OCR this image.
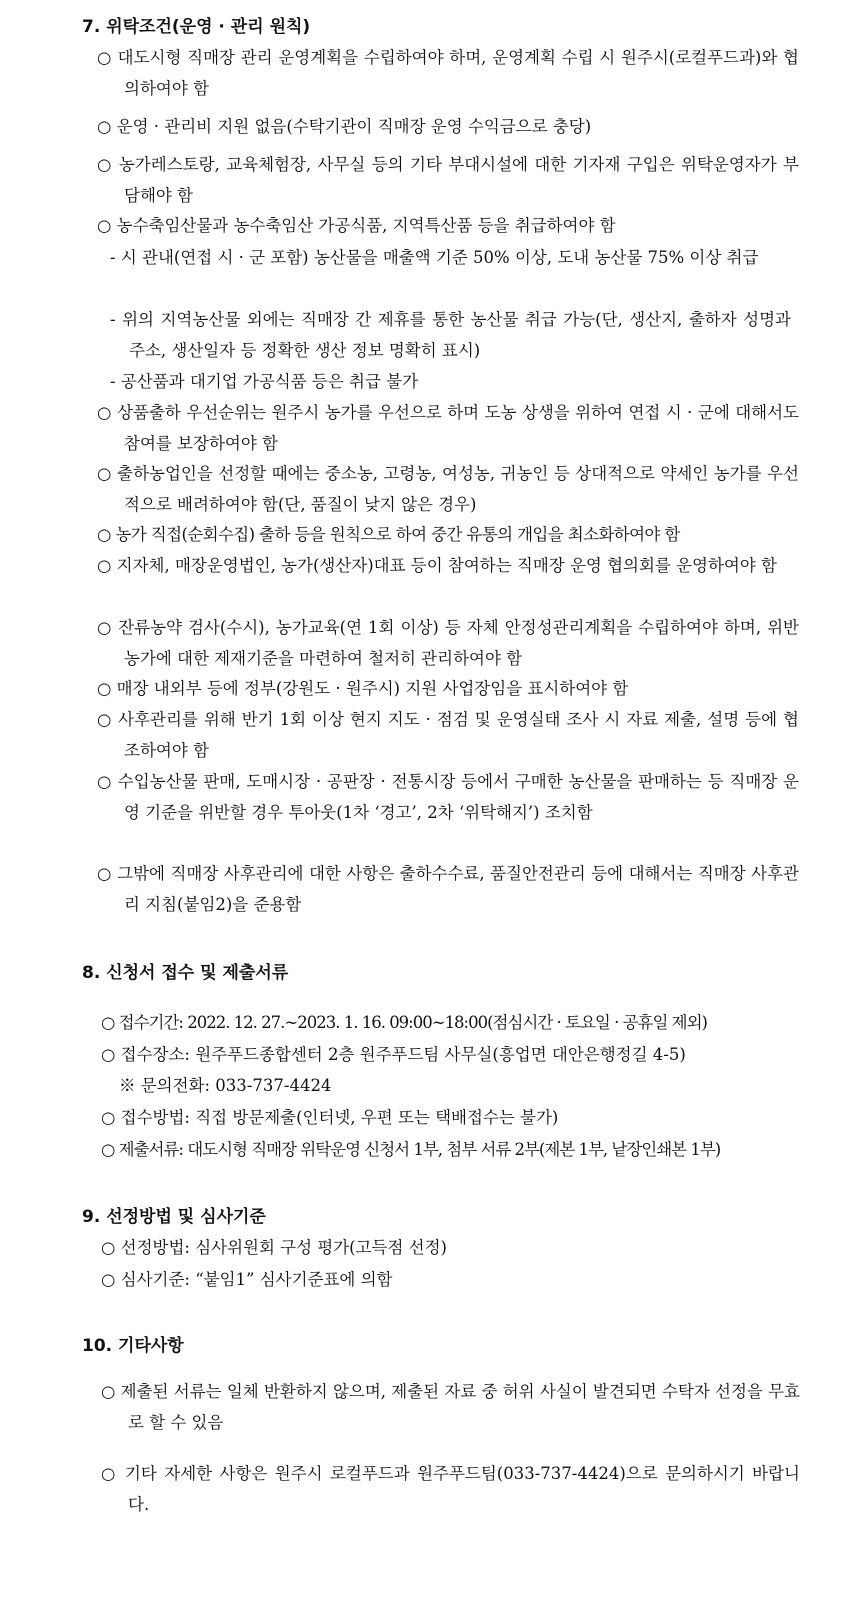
7. 위탁조건(운영 · 관리 원칙)
○ 대도시형 직매장 관리 운영계획을 수립하여야 하며, 운영계획 수립 시 원주시(로컬푸드과)와 협의하여야 함
○ 운영 · 관리비 지원 없음(수탁기관이 직매장 운영 수익금으로 충당)
○ 농가레스토랑, 교육체험장, 사무실 등의 기타 부대시설에 대한 기자재 구입은 위탁운영자가 부담해야 함
○ 농수축임산물과 농수축임산 가공식품, 지역특산품 등을 취급하여야 함
- 시 관내(연접 시 · 군 포함) 농산물을 매출액 기준 50% 이상, 도내 농산물 75% 이상 취급
- 위의 지역농산물 외에는 직매장 간 제휴를 통한 농산물 취급 가능(단, 생산지, 출하자 성명과 주소, 생산일자 등 정확한 생산 정보 명확히 표시)
- 공산품과 대기업 가공식품 등은 취급 불가
○ 상품출하 우선순위는 원주시 농가를 우선으로 하며 도농 상생을 위하여 연접 시 · 군에 대해서도 참여를 보장하여야 함
○ 출하농업인을 선정할 때에는 중소농, 고령농, 여성농, 귀농인 등 상대적으로 약세인 농가를 우선적으로 배려하여야 함(단, 품질이 낮지 않은 경우)
○ 농가 직접(순회수집) 출하 등을 원칙으로 하여 중간 유통의 개입을 최소화하여야 함
○ 지자체, 매장운영법인, 농가(생산자)대표 등이 참여하는 직매장 운영 협의회를 운영하여야 함
○ 잔류농약 검사(수시), 농가교육(연 1회 이상) 등 자체 안정성관리계획을 수립하여야 하며, 위반농가에 대한 제재기준을 마련하여 철저히 관리하여야 함
○ 매장 내외부 등에 정부(강원도 · 원주시) 지원 사업장임을 표시하여야 함
○ 사후관리를 위해 반기 1회 이상 현지 지도 · 점검 및 운영실태 조사 시 자료 제출, 설명 등에 협조하여야 함
○ 수입농산물 판매, 도매시장 · 공판장 · 전통시장 등에서 구매한 농산물을 판매하는 등 직매장 운영 기준을 위반할 경우 투아웃(1차 ‘경고’, 2차 ‘위탁해지’) 조치함
○ 그밖에 직매장 사후관리에 대한 사항은 출하수수료, 품질안전관리 등에 대해서는 직매장 사후관리 지침(붙임2)을 준용함
8. 신청서 접수 및 제출서류
○ 접수기간: 2022. 12. 27.∼2023. 1. 16. 09:00∼18:00(점심시간 · 토요일 · 공휴일 제외)
○ 접수장소: 원주푸드종합센터 2층 원주푸드팀 사무실(흥업면 대안은행정길 4-5)
※ 문의전화: 033-737-4424
○ 접수방법: 직접 방문제출(인터넷, 우편 또는 택배접수는 불가)
○ 제출서류: 대도시형 직매장 위탁운영 신청서 1부, 첨부 서류 2부(제본 1부, 낱장인쇄본 1부)
9. 선정방법 및 심사기준
○ 선정방법: 심사위원회 구성 평가(고득점 선정)
○ 심사기준: “붙임1” 심사기준표에 의함
10. 기타사항
○ 제출된 서류는 일체 반환하지 않으며, 제출된 자료 중 허위 사실이 발견되면 수탁자 선정을 무효로 할 수 있음
○ 기타 자세한 사항은 원주시 로컬푸드과 원주푸드팀(033-737-4424)으로 문의하시기 바랍니다.
